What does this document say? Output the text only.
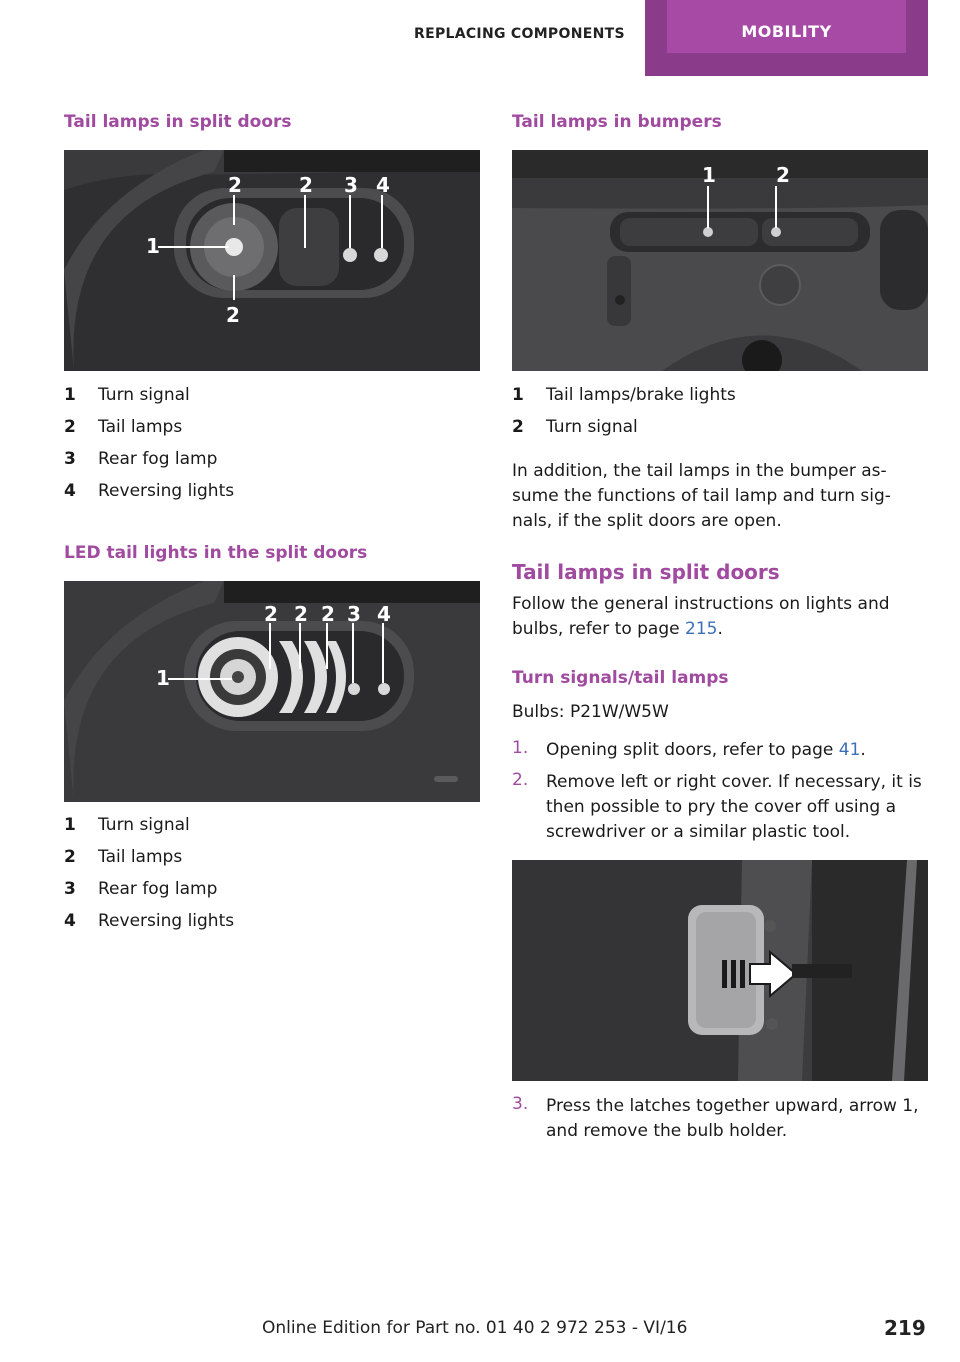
REPLACING COMPONENTS	MOBILITY
Tail lamps in split doors
1
2	2 3 4
2
1 Turn signal
2 Tail lamps
3 Rear fog lamp
4 Reversing lights
LED tail lights in the split doors
1
2 2 2 3 4
1 Turn signal
2 Tail lamps
3 Rear fog lamp
4 Reversing lights
Tail lamps in bumpers
1	2
1 Tail lamps/brake lights
2 Turn signal
In addition, the tail lamps in the bumper as-
sume the functions of tail lamp and turn sig-
nals, if the split doors are open.
Tail lamps in split doors
Follow the general instructions on lights and
bulbs, refer to page 215.
Turn signals/tail lamps
Bulbs: P21W/W5W
1. Opening split doors, refer to page 41.
2. Remove left or right cover. If necessary, it is
then possible to pry the cover off using a
screwdriver or a similar plastic tool.
3. Press the latches together upward, arrow 1,
and remove the bulb holder.
Online Edition for Part no. 01 40 2 972 253 - VI/16	219
